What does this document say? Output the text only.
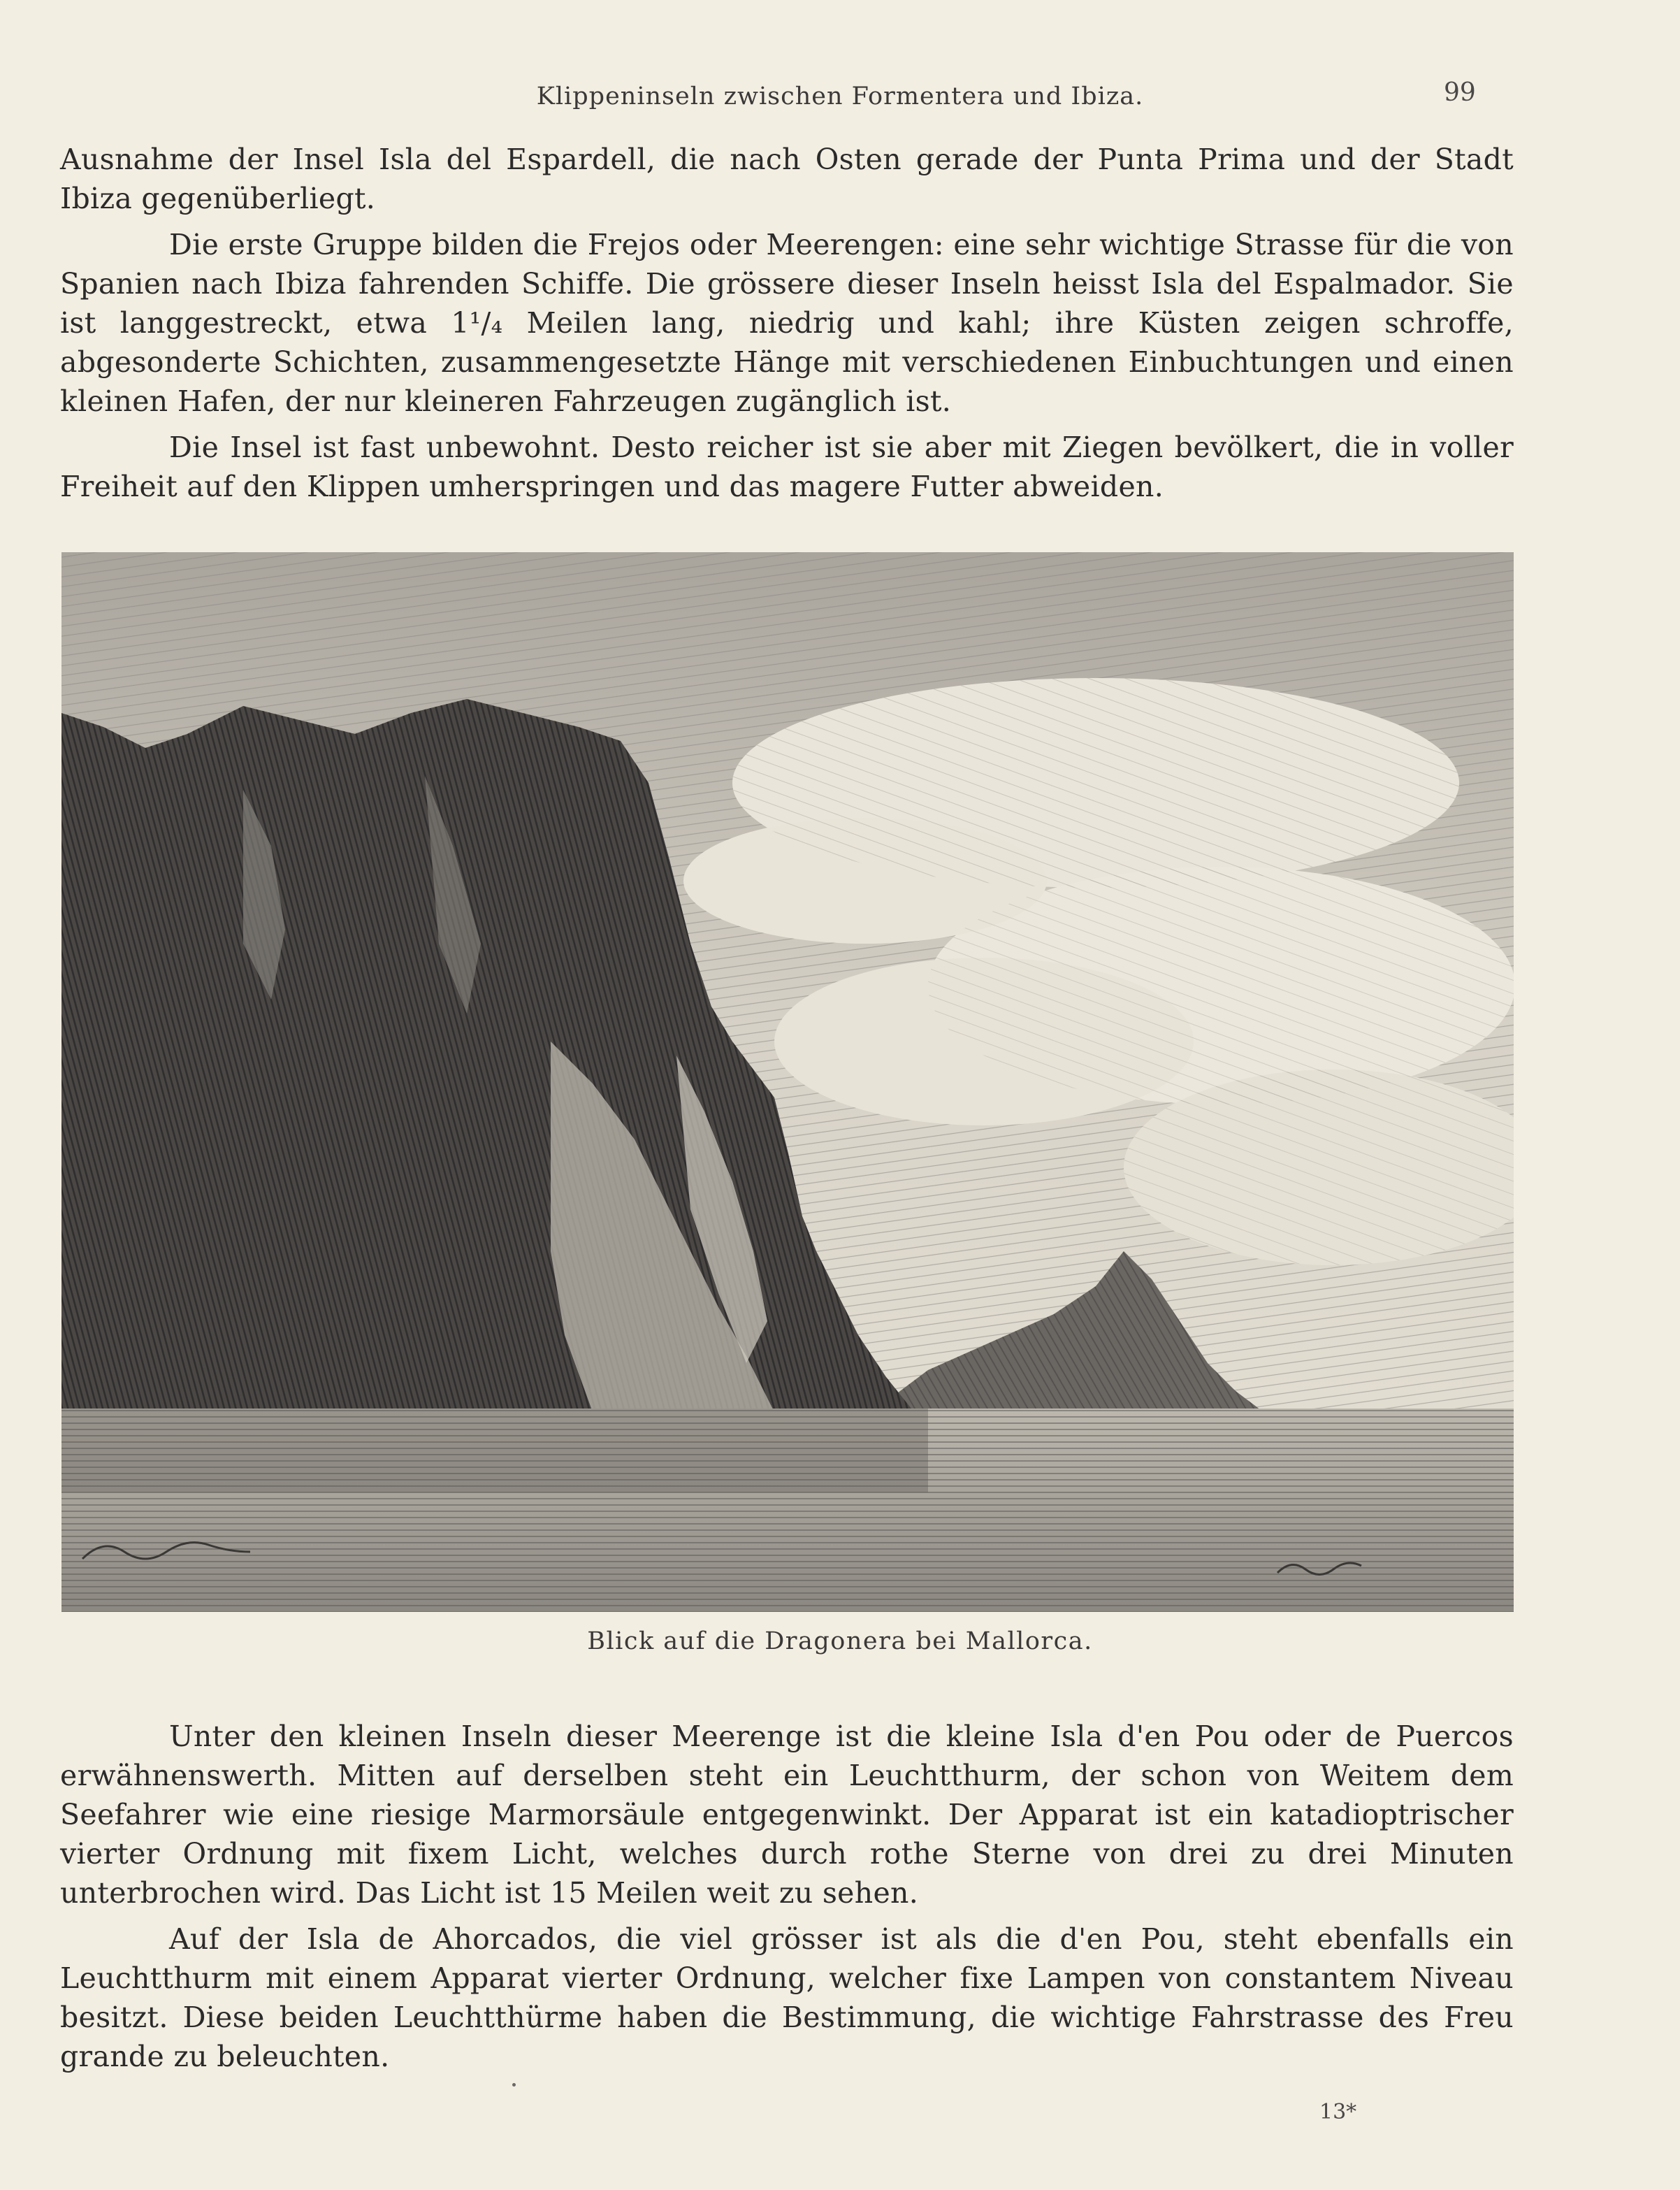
Klippeninseln zwischen Formentera und Ibiza.	99

Ausnahme der Insel Isla del Espardell, die nach Osten gerade der Punta Prima und der Stadt Ibiza gegenüberliegt.

Die erste Gruppe bilden die Frejos oder Meerengen: eine sehr wichtige Strasse für die von Spanien nach Ibiza fahrenden Schiffe. Die grössere dieser Inseln heisst Isla del Espalmador. Sie ist langgestreckt, etwa 1¹/₄ Meilen lang, niedrig und kahl; ihre Küsten zeigen schroffe, abgesonderte Schichten, zusammengesetzte Hänge mit verschiedenen Einbuchtungen und einen kleinen Hafen, der nur kleineren Fahrzeugen zugänglich ist.

Die Insel ist fast unbewohnt. Desto reicher ist sie aber mit Ziegen bevölkert, die in voller Freiheit auf den Klippen umherspringen und das magere Futter abweiden.

Blick auf die Dragonera bei Mallorca.

Unter den kleinen Inseln dieser Meerenge ist die kleine Isla d'en Pou oder de Puercos erwähnenswerth. Mitten auf derselben steht ein Leuchtthurm, der schon von Weitem dem Seefahrer wie eine riesige Marmorsäule entgegenwinkt. Der Apparat ist ein katadioptrischer vierter Ordnung mit fixem Licht, welches durch rothe Sterne von drei zu drei Minuten unterbrochen wird. Das Licht ist 15 Meilen weit zu sehen.

Auf der Isla de Ahorcados, die viel grösser ist als die d'en Pou, steht ebenfalls ein Leuchtthurm mit einem Apparat vierter Ordnung, welcher fixe Lampen von constantem Niveau besitzt. Diese beiden Leuchtthürme haben die Bestimmung, die wichtige Fahrstrasse des Freu grande zu beleuchten.

13*
